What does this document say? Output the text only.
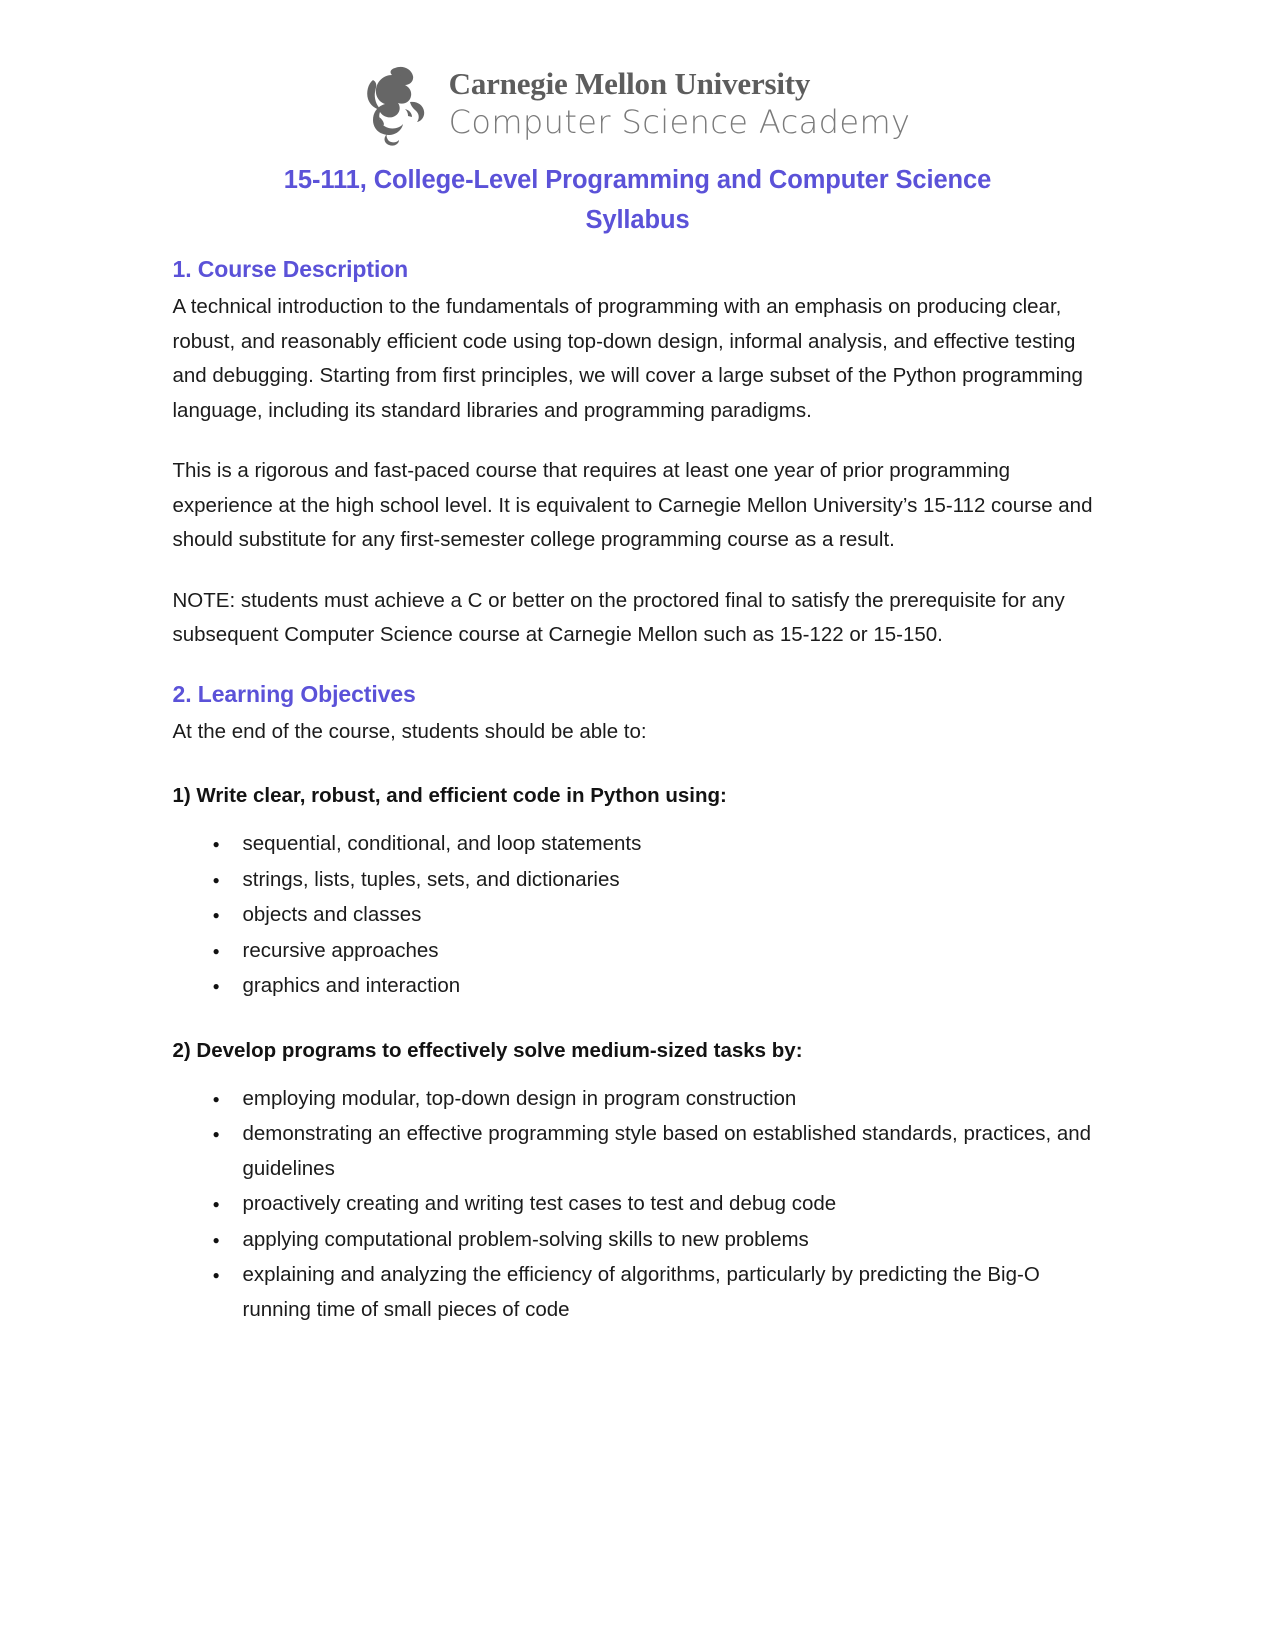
Carnegie Mellon University
Computer Science Academy
15-111, College-Level Programming and Computer Science
Syllabus
1. Course Description

A technical introduction to the fundamentals of programming with an emphasis on producing clear, robust, and reasonably efficient code using top-down design, informal analysis, and effective testing and debugging. Starting from first principles, we will cover a large subset of the Python programming language, including its standard libraries and programming paradigms.

This is a rigorous and fast-paced course that requires at least one year of prior programming experience at the high school level. It is equivalent to Carnegie Mellon University’s 15-112 course and should substitute for any first-semester college programming course as a result.

NOTE: students must achieve a C or better on the proctored final to satisfy the prerequisite for any subsequent Computer Science course at Carnegie Mellon such as 15-122 or 15-150.

2. Learning Objectives

At the end of the course, students should be able to:

1) Write clear, robust, and efficient code in Python using:

● sequential, conditional, and loop statements
● strings, lists, tuples, sets, and dictionaries
● objects and classes
● recursive approaches
● graphics and interaction

2) Develop programs to effectively solve medium-sized tasks by:

● employing modular, top-down design in program construction
● demonstrating an effective programming style based on established standards, practices, and guidelines
● proactively creating and writing test cases to test and debug code
● applying computational problem-solving skills to new problems
● explaining and analyzing the efficiency of algorithms, particularly by predicting the Big-O running time of small pieces of code
